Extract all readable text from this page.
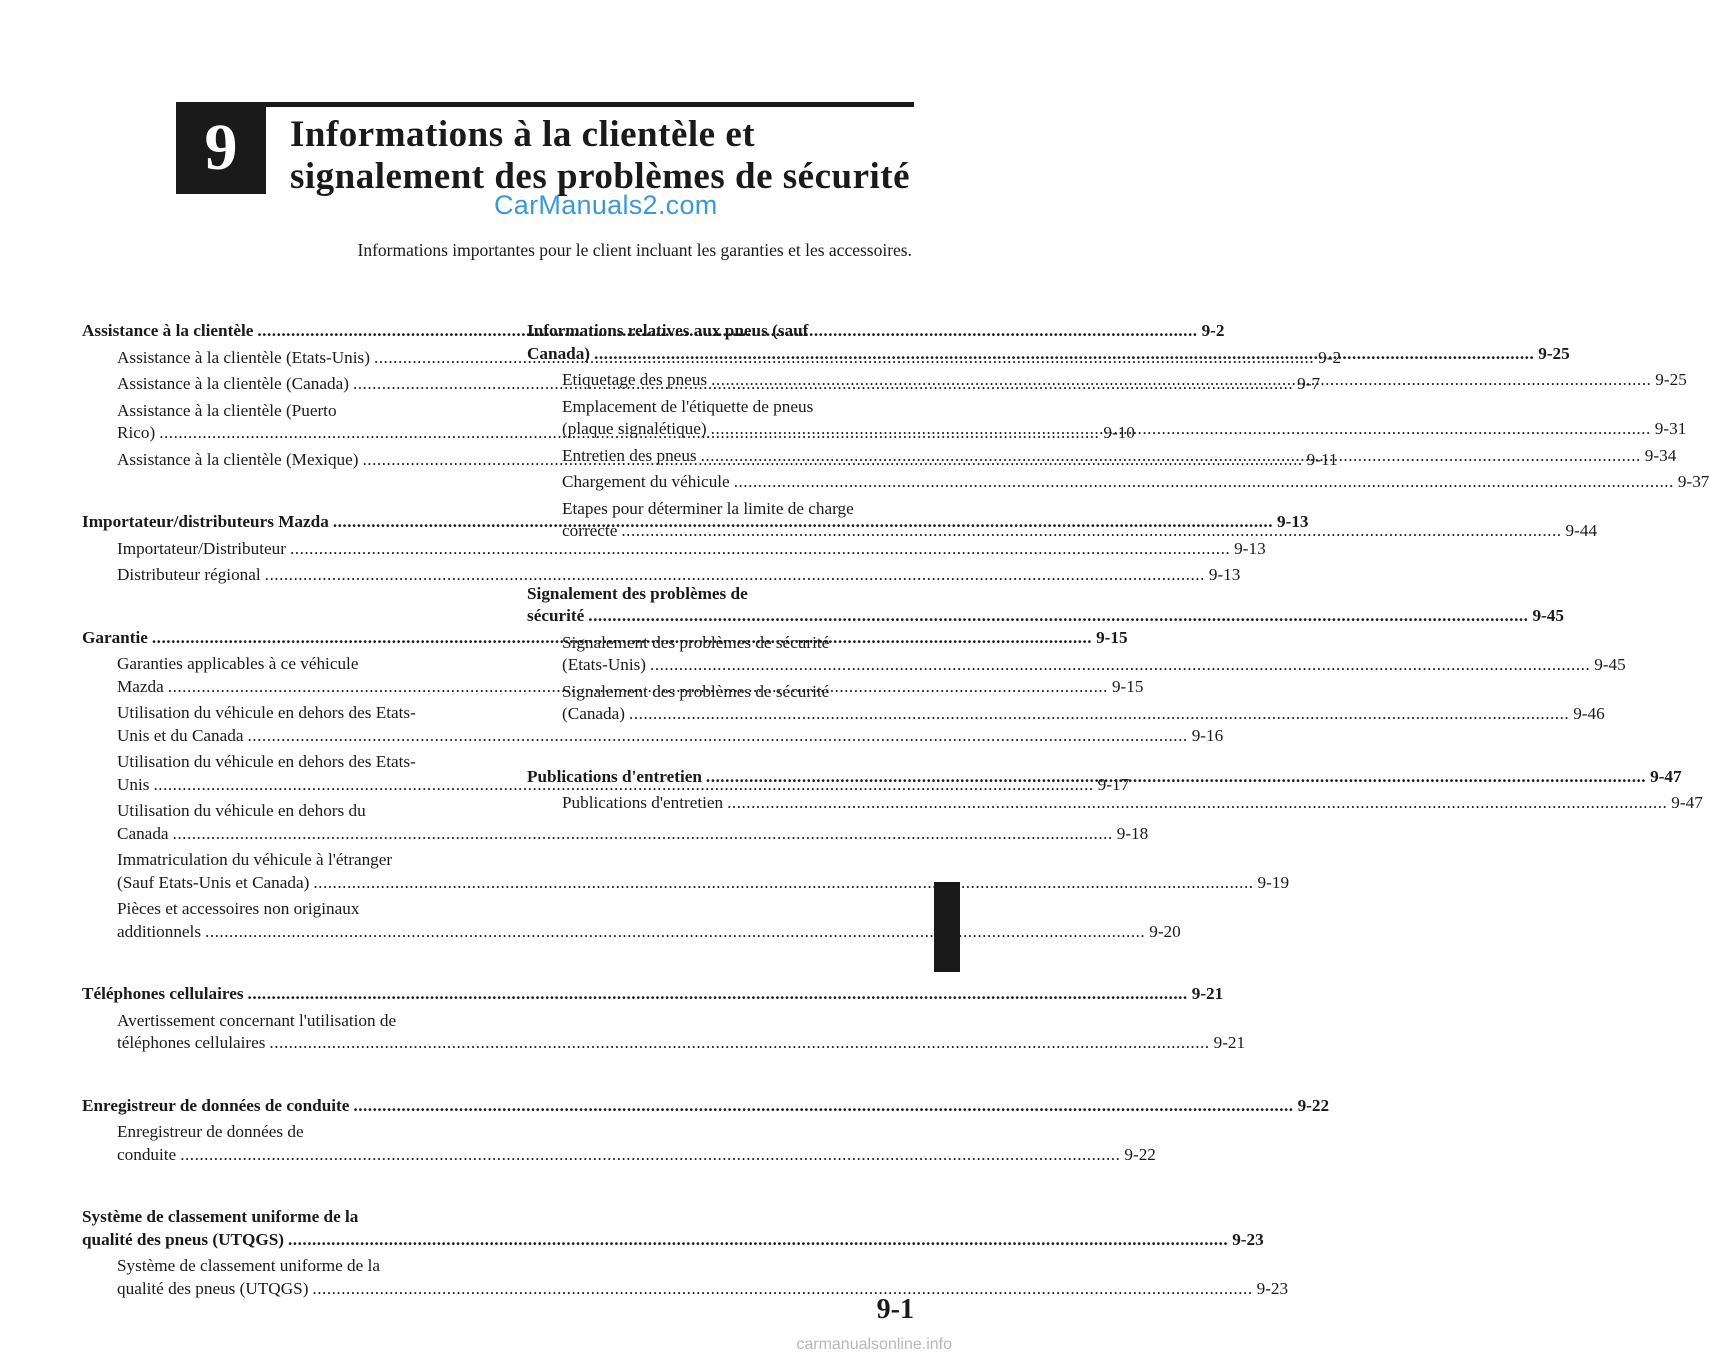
9	Informations à la clientèle et
signalement des problèmes de sécurité
CarManuals2.com
Informations importantes pour le client incluant les garanties et les accessoires.
Assistance à la clientèle .....	9-2
Assistance à la clientèle (Etats-Unis) .....	9-2
Assistance à la clientèle (Canada) .....	9-7
Assistance à la clientèle (Puerto
Rico) .....	9-10
Assistance à la clientèle (Mexique) .....	9-11
Importateur/distributeurs Mazda .....	9-13
Importateur/Distributeur .....	9-13
Distributeur régional .....	9-13
Garantie .....	9-15
Garanties applicables à ce véhicule
Mazda .....	9-15
Utilisation du véhicule en dehors des Etats-
Unis et du Canada .....	9-16
Utilisation du véhicule en dehors des Etats-
Unis .....	9-17
Utilisation du véhicule en dehors du
Canada .....	9-18
Immatriculation du véhicule à l'étranger
(Sauf Etats-Unis et Canada) .....	9-19
Pièces et accessoires non originaux
additionnels .....	9-20
Téléphones cellulaires .....	9-21
Avertissement concernant l'utilisation de
téléphones cellulaires .....	9-21
Enregistreur de données de conduite .....	9-22
Enregistreur de données de
conduite .....	9-22
Système de classement uniforme de la
qualité des pneus (UTQGS) .....	9-23
Système de classement uniforme de la
qualité des pneus (UTQGS) .....	9-23
Informations relatives aux pneus (sauf
Canada) .....	9-25
Etiquetage des pneus .....	9-25
Emplacement de l'étiquette de pneus
(plaque signalétique) .....	9-31
Entretien des pneus .....	9-34
Chargement du véhicule .....	9-37
Etapes pour déterminer la limite de charge
correcte .....	9-44
Signalement des problèmes de
sécurité .....	9-45
Signalement des problèmes de sécurité
(Etats-Unis) .....	9-45
Signalement des problèmes de sécurité
(Canada) .....	9-46
Publications d'entretien .....	9-47
Publications d'entretien .....	9-47
9-1
carmanualsonline.info
